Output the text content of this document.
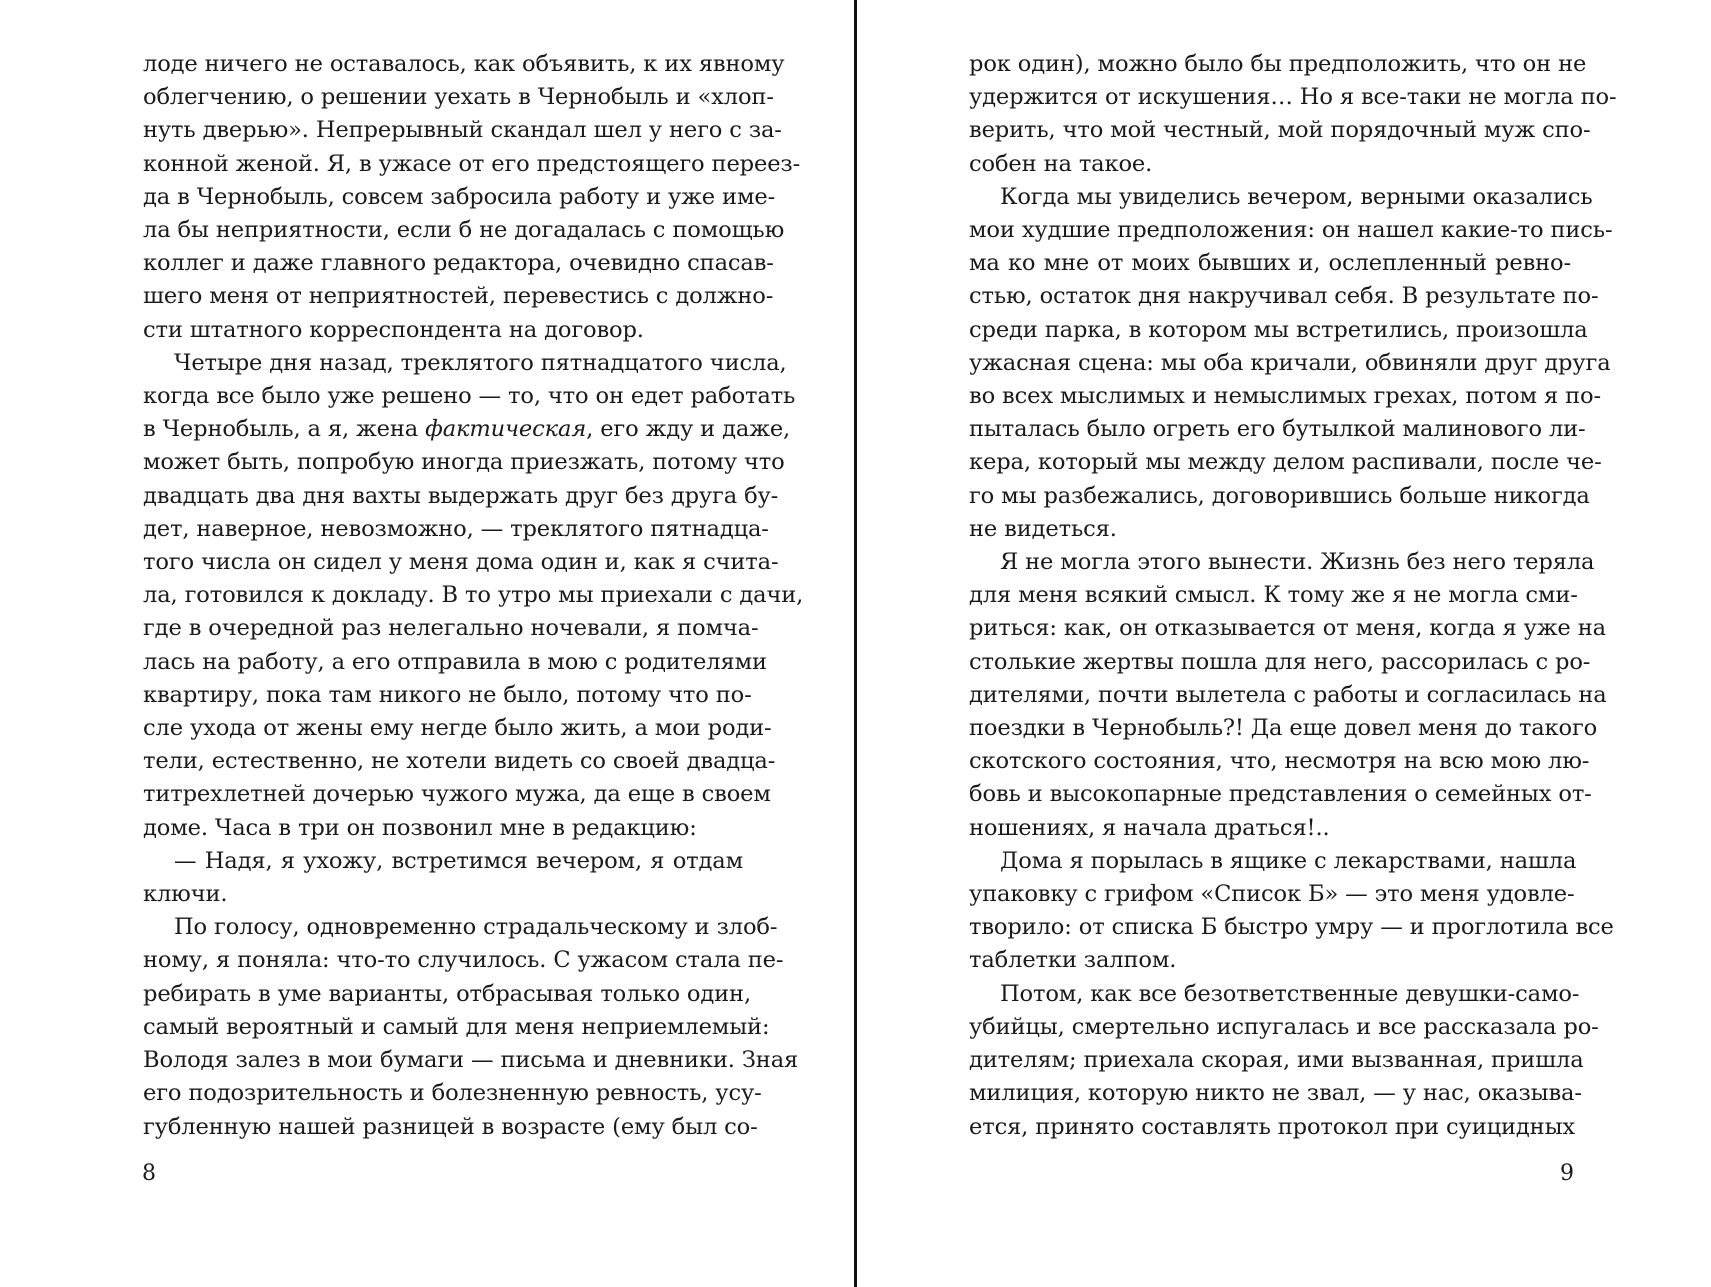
лоде ничего не оставалось, как объявить, к их явному
облегчению, о решении уехать в Чернобыль и «хлоп-
нуть дверью». Непрерывный скандал шел у него с за-
конной женой. Я, в ужасе от его предстоящего переез-
да в Чернобыль, совсем забросила работу и уже име-
ла бы неприятности, если б не догадалась с помощью
коллег и даже главного редактора, очевидно спасав-
шего меня от неприятностей, перевестись с должно-
сти штатного корреспондента на договор.
Четыре дня назад, треклятого пятнадцатого числа,
когда все было уже решено — то, что он едет работать
в Чернобыль, а я, жена фактическая, его жду и даже,
может быть, попробую иногда приезжать, потому что
двадцать два дня вахты выдержать друг без друга бу-
дет, наверное, невозможно, — треклятого пятнадца-
того числа он сидел у меня дома один и, как я счита-
ла, готовился к докладу. В то утро мы приехали с дачи,
где в очередной раз нелегально ночевали, я помча-
лась на работу, а его отправила в мою с родителями
квартиру, пока там никого не было, потому что по-
сле ухода от жены ему негде было жить, а мои роди-
тели, естественно, не хотели видеть со своей двадца-
титрехлетней дочерью чужого мужа, да еще в своем
доме. Часа в три он позвонил мне в редакцию:
— Надя, я ухожу, встретимся вечером, я отдам
ключи.
По голосу, одновременно страдальческому и злоб-
ному, я поняла: что-то случилось. С ужасом стала пе-
ребирать в уме варианты, отбрасывая только один,
самый вероятный и самый для меня неприемлемый:
Володя залез в мои бумаги — письма и дневники. Зная
его подозрительность и болезненную ревность, усу-
губленную нашей разницей в возрасте (ему был со-
8
рок один), можно было бы предположить, что он не
удержится от искушения… Но я все-таки не могла по-
верить, что мой честный, мой порядочный муж спо-
собен на такое.
Когда мы увиделись вечером, верными оказались
мои худшие предположения: он нашел какие-то пись-
ма ко мне от моих бывших и, ослепленный ревно-
стью, остаток дня накручивал себя. В результате по-
среди парка, в котором мы встретились, произошла
ужасная сцена: мы оба кричали, обвиняли друг друга
во всех мыслимых и немыслимых грехах, потом я по-
пыталась было огреть его бутылкой малинового ли-
кера, который мы между делом распивали, после че-
го мы разбежались, договорившись больше никогда
не видеться.
Я не могла этого вынести. Жизнь без него теряла
для меня всякий смысл. К тому же я не могла сми-
риться: как, он отказывается от меня, когда я уже на
столькие жертвы пошла для него, рассорилась с ро-
дителями, почти вылетела с работы и согласилась на
поездки в Чернобыль?! Да еще довел меня до такого
скотского состояния, что, несмотря на всю мою лю-
бовь и высокопарные представления о семейных от-
ношениях, я начала драться!..
Дома я порылась в ящике с лекарствами, нашла
упаковку с грифом «Список Б» — это меня удовле-
творило: от списка Б быстро умру — и проглотила все
таблетки залпом.
Потом, как все безответственные девушки-само-
убийцы, смертельно испугалась и все рассказала ро-
дителям; приехала скорая, ими вызванная, пришла
милиция, которую никто не звал, — у нас, оказыва-
ется, принято составлять протокол при суицидных
9
